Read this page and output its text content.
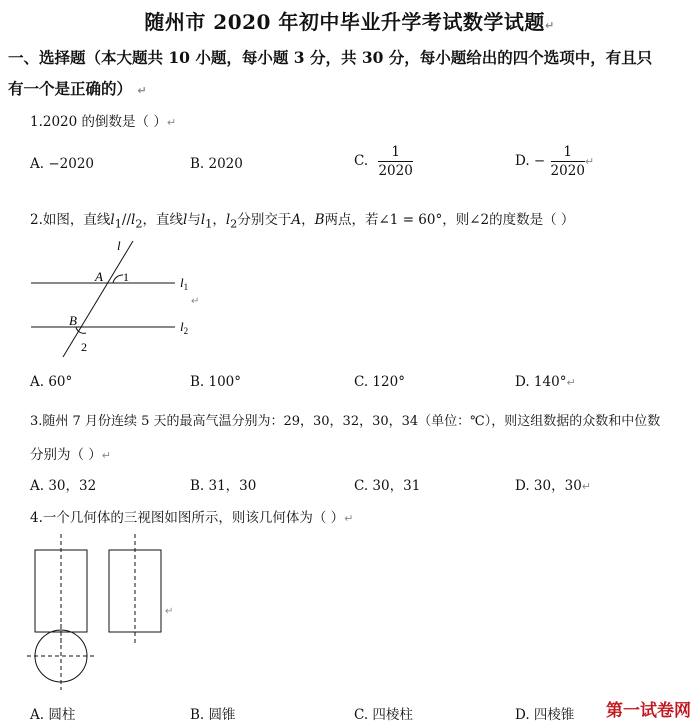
随州市 2020 年初中毕业升学考试数学试题↵
一、选择题（本大题共 10 小题，每小题 3 分，共 30 分，每小题给出的四个选项中，有且只
有一个是正确的） ↵
1.2020 的倒数是（ ）↵
A. −2020	B. 2020	C. $\frac{1}{2020}$	D. − $\frac{1}{2020}$ ↵
2.如图，直线$l_1//l_2$，直线l与$l_1$，$l_2$分别交于A，B两点，若∠1 = 60°，则∠2的度数是（ ）
l
$l_1$
$l_2$
A 1
B
2
↵
A. 60°	B. 100°	C. 120°	D. 140°↵
3.随州 7 月份连续 5 天的最高气温分别为：29，30，32，30，34（单位：℃），则这组数据的众数和中位数
分别为（ ）↵
A. 30，32	B. 31，30	C. 30，31	D. 30，30↵
4.一个几何体的三视图如图所示，则该几何体为（ ）↵
↵
A. 圆柱	B. 圆锥	C. 四棱柱	D. 四棱锥 第一试卷网
